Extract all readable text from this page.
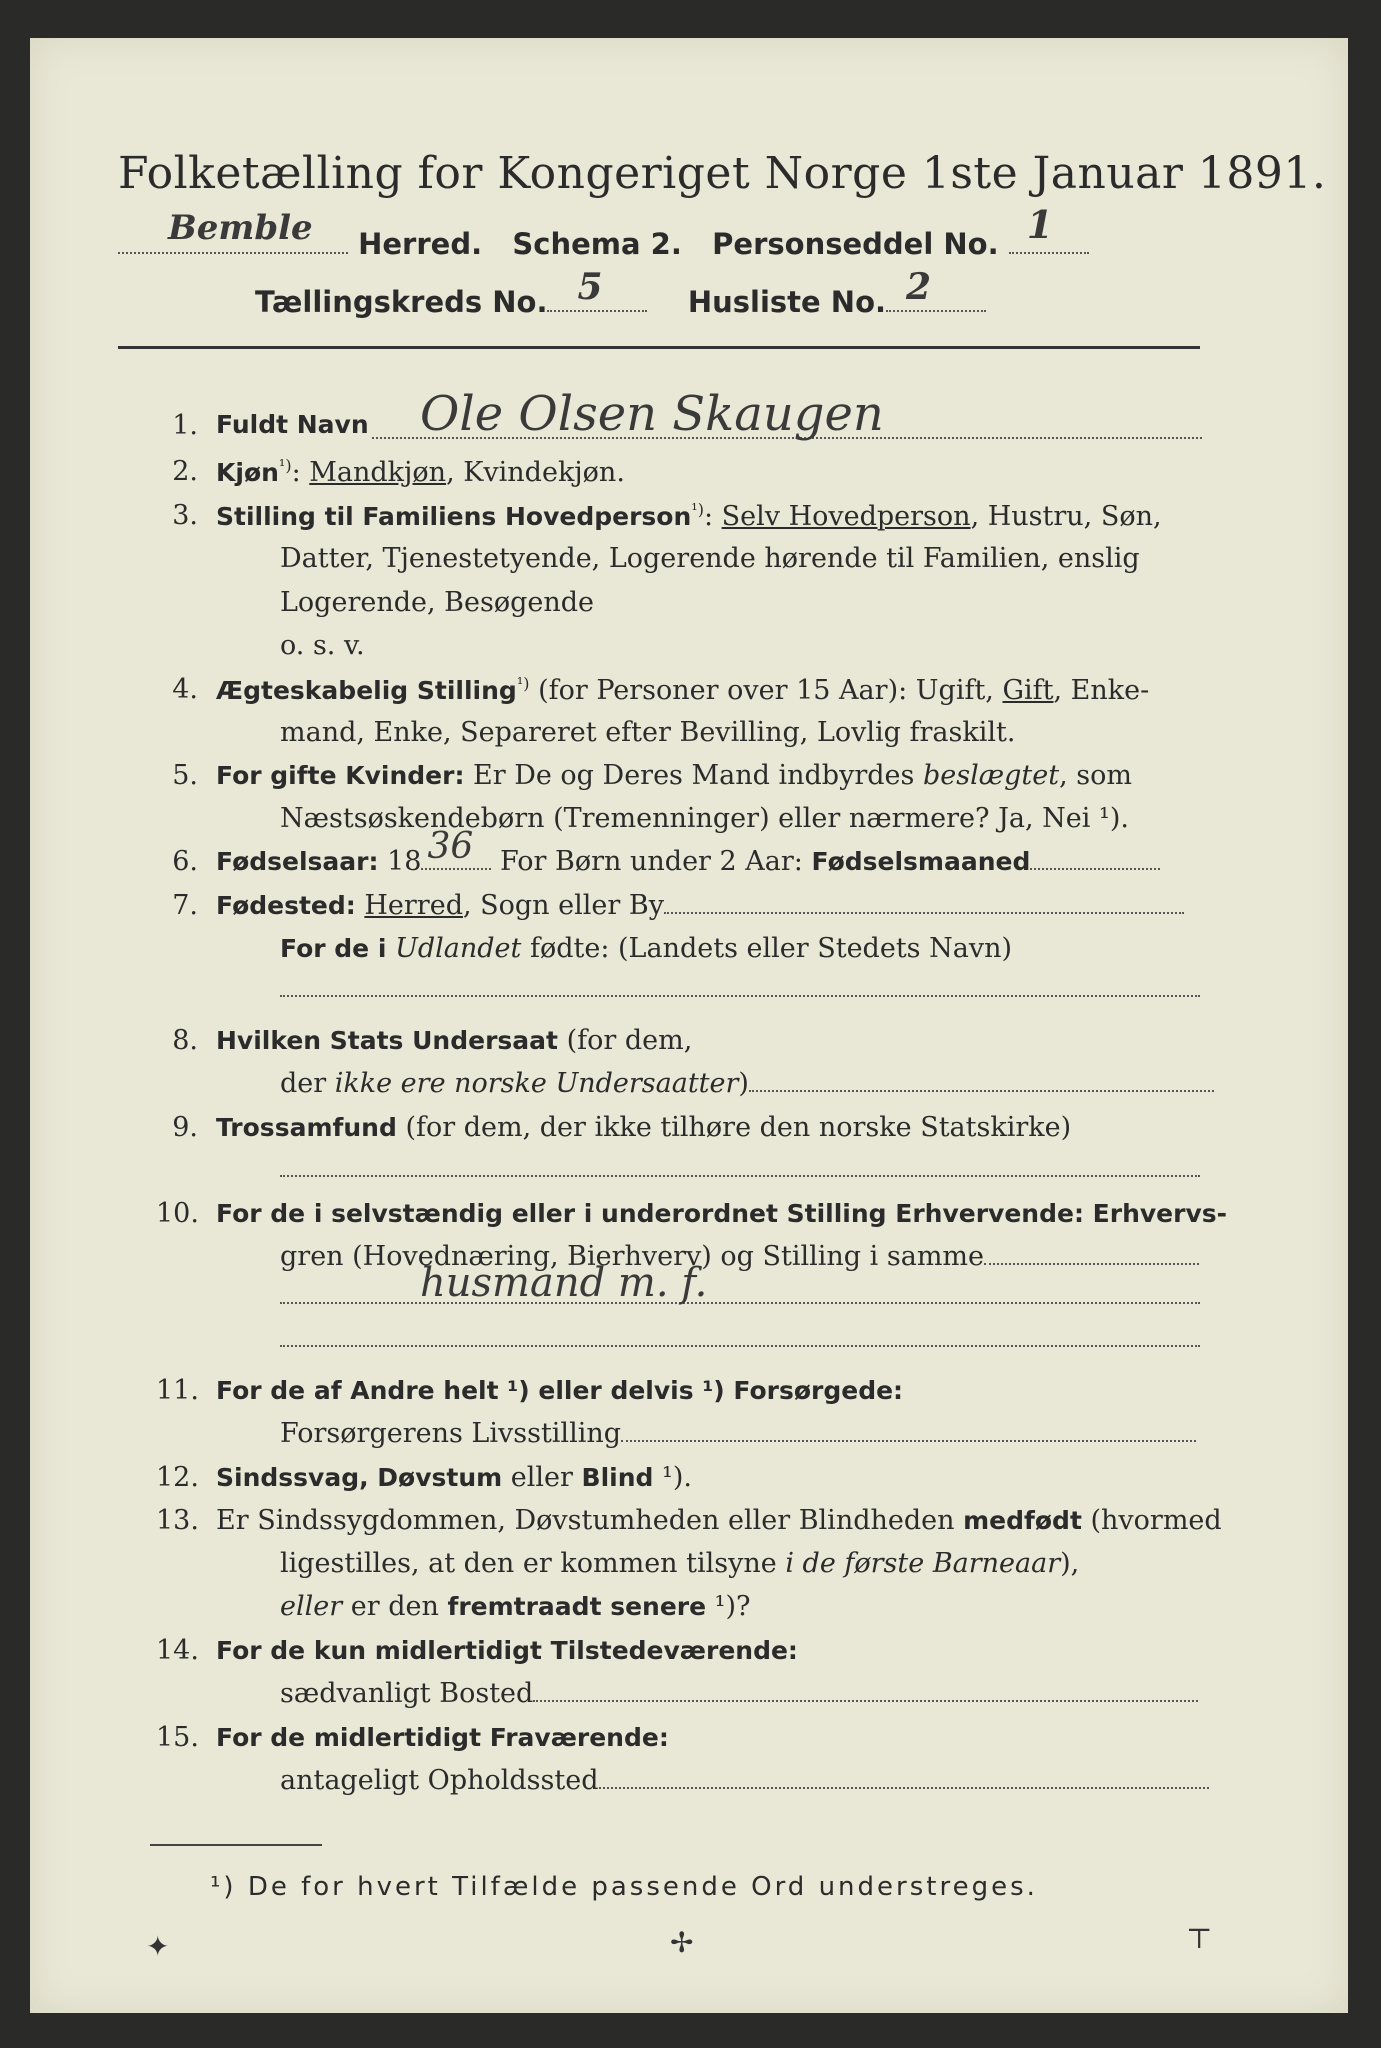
Folketælling for Kongeriget Norge 1ste Januar 1891.
Bemble Herred. Schema 2. Personseddel No. 1
Tællingskreds No. 5	Husliste No. 2
1. Fuldt Navn Ole Olsen Skaugen
2. Kjøn$^{^1)}$: Mandkjøn, Kvindekjøn.
3. Stilling til Familiens Hovedperson$^{^1)}$: Selv Hovedperson, Hustru, Søn,
Datter, Tjenestetyende, Logerende hørende til Familien, enslig
Logerende, Besøgende
o. s. v.
4. Ægteskabelig Stilling$^{^1)}$ (for Personer over 15 Aar): Ugift, Gift, Enke-
mand, Enke, Separeret efter Bevilling, Lovlig fraskilt.
5. For gifte Kvinder: Er De og Deres Mand indbyrdes beslægtet, som
Næstsøskendebørn (Tremenninger) eller nærmere? Ja, Nei ¹).
6. Fødselsaar: 18 36 For Børn under 2 Aar: Fødselsmaaned
7. Fødested: Herred, Sogn eller By
For de i Udlandet fødte: (Landets eller Stedets Navn)
8. Hvilken Stats Undersaat (for dem,
der ikke ere norske Undersaatter)
9. Trossamfund (for dem, der ikke tilhøre den norske Statskirke)
10. For de i selvstændig eller i underordnet Stilling Erhvervende: Erhvervs-
gren (Hovednæring, Bierhverv) og Stilling i samme
husmand m. f.
11. For de af Andre helt ¹) eller delvis ¹) Forsørgede:
Forsørgerens Livsstilling
12. Sindssvag, Døvstum eller Blind ¹).
13. Er Sindssygdommen, Døvstumheden eller Blindheden medfødt (hvormed
ligestilles, at den er kommen tilsyne i de første Barneaar),
eller er den fremtraadt senere ¹)?
14. For de kun midlertidigt Tilstedeværende:
sædvanligt Bosted
15. For de midlertidigt Fraværende:
antageligt Opholdssted
¹) De for hvert Tilfælde passende Ord understreges.
✦	✢	⊤
